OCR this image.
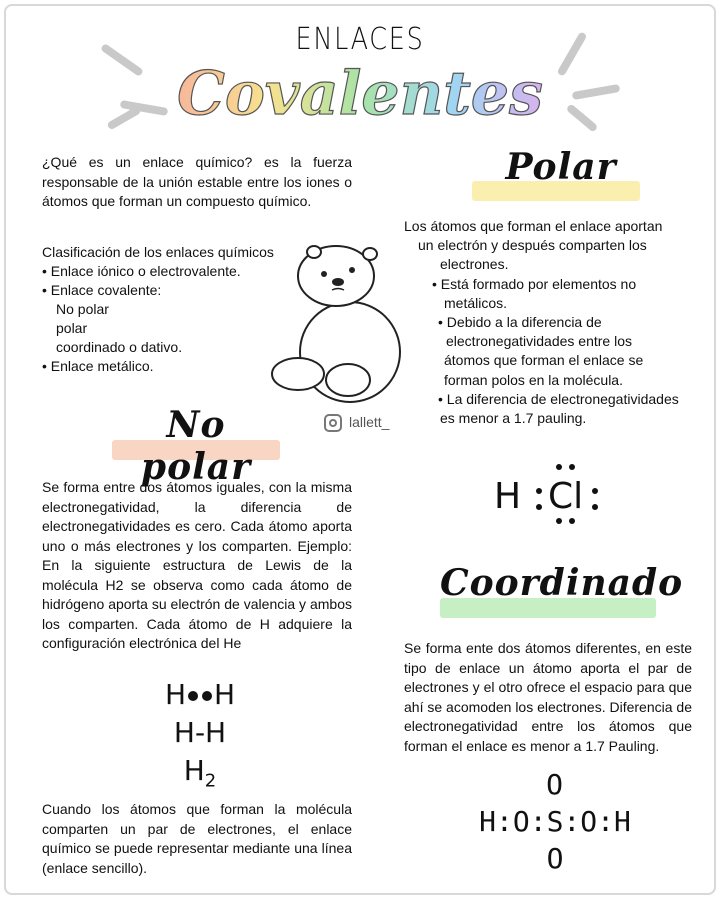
ENLACES
Covalentes
¿Qué es un enlace químico? es la fuerza responsable de la unión estable entre los iones o átomos que forman un compuesto químico.
Clasificación de los enlaces químicos
• Enlace iónico o electrovalente.
• Enlace covalente:
No polar
polar
coordinado o dativo.
• Enlace metálico.
lallett_
Polar
Los átomos que forman el enlace aportan
un electrón y después comparten los
electrones.
• Está formado por elementos no
metálicos.
• Debido a la diferencia de
electronegatividades entre los
átomos que forman el enlace se
forman polos en la molécula.
• La diferencia de electronegatividades
es menor a 1.7 pauling.
H Cl
No polar
Se forma entre dos átomos iguales, con la misma electronegatividad, la diferencia de electronegatividades es cero. Cada átomo aporta uno o más electrones y los comparten. Ejemplo: En la siguiente estructura de Lewis de la molécula H2 se observa como cada átomo de hidrógeno aporta su electrón de valencia y ambos los comparten. Cada átomo de H adquiere la configuración electrónica del He
H H
H-H
$H_2$
Cuando los átomos que forman la molécula comparten un par de electrones, el enlace químico se puede representar mediante una línea (enlace sencillo).
Coordinado
Se forma ente dos átomos diferentes, en este tipo de enlace un átomo aporta el par de electrones y el otro ofrece el espacio para que ahí se acomoden los electrones. Diferencia de electronegatividad entre los átomos que forman el enlace es menor a 1.7 Pauling.
O
H:O:S:O:H
O
